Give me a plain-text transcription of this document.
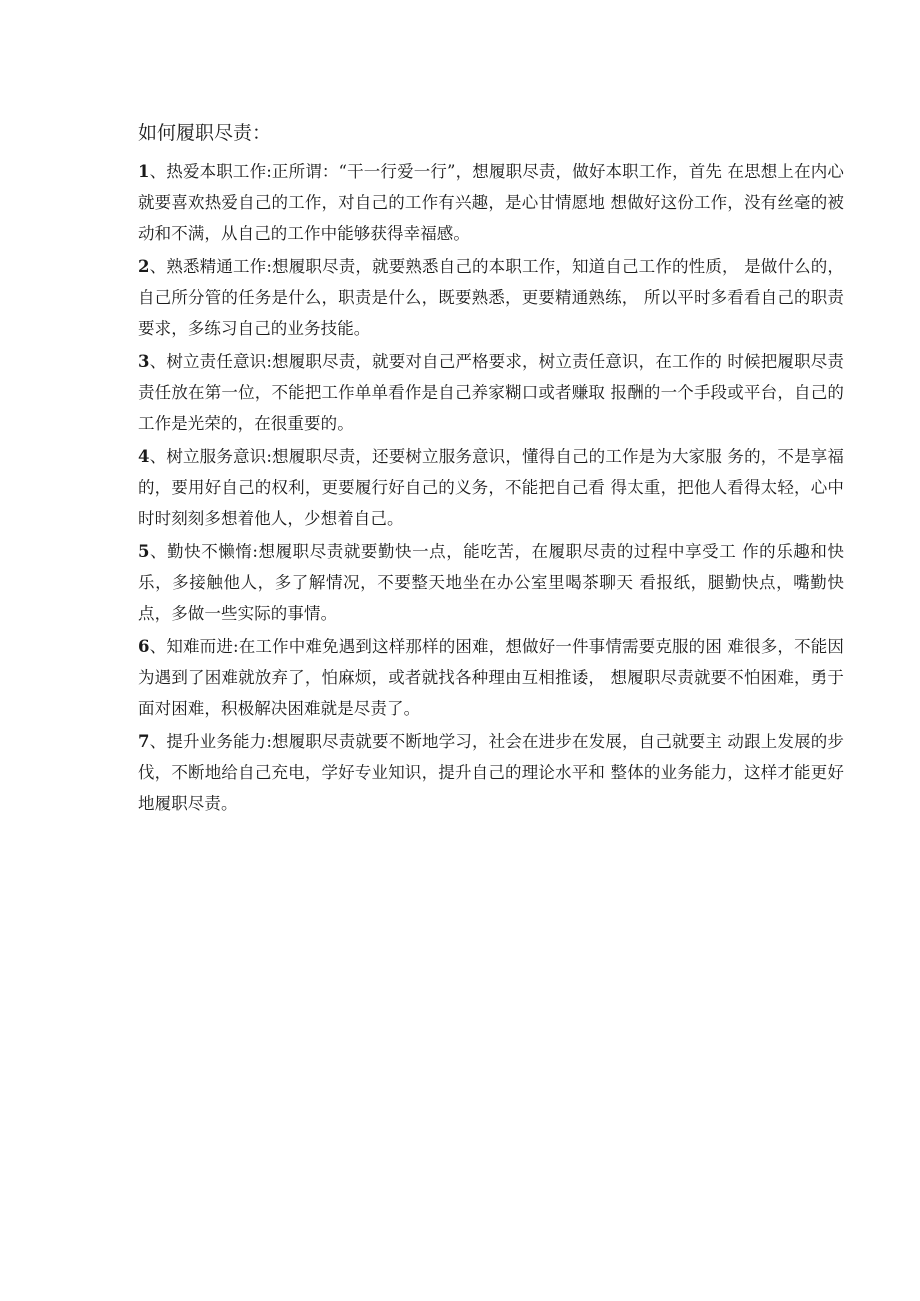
如何履职尽责：

1、热爱本职工作:正所谓：“干一行爱一行”，想履职尽责，做好本职工作，首先 在思想上在内心就要喜欢热爱自己的工作，对自己的工作有兴趣，是心甘情愿地 想做好这份工作，没有丝毫的被动和不满，从自己的工作中能够获得幸福感。

2、熟悉精通工作:想履职尽责，就要熟悉自己的本职工作，知道自己工作的性质， 是做什么的，自己所分管的任务是什么，职责是什么，既要熟悉，更要精通熟练， 所以平时多看看自己的职责要求，多练习自己的业务技能。

3、树立责任意识:想履职尽责，就要对自己严格要求，树立责任意识，在工作的 时候把履职尽责责任放在第一位，不能把工作单单看作是自己养家糊口或者赚取 报酬的一个手段或平台，自己的工作是光荣的，在很重要的。

4、树立服务意识:想履职尽责，还要树立服务意识，懂得自己的工作是为大家服 务的，不是享福的，要用好自己的权利，更要履行好自己的义务，不能把自己看 得太重，把他人看得太轻，心中时时刻刻多想着他人，少想着自己。

5、勤快不懒惰:想履职尽责就要勤快一点，能吃苦，在履职尽责的过程中享受工 作的乐趣和快乐，多接触他人，多了解情况，不要整天地坐在办公室里喝茶聊天 看报纸，腿勤快点，嘴勤快点，多做一些实际的事情。

6、知难而进:在工作中难免遇到这样那样的困难，想做好一件事情需要克服的困 难很多，不能因为遇到了困难就放弃了，怕麻烦，或者就找各种理由互相推诿， 想履职尽责就要不怕困难，勇于面对困难，积极解决困难就是尽责了。

7、提升业务能力:想履职尽责就要不断地学习，社会在进步在发展，自己就要主 动跟上发展的步伐，不断地给自己充电，学好专业知识，提升自己的理论水平和 整体的业务能力，这样才能更好地履职尽责。
